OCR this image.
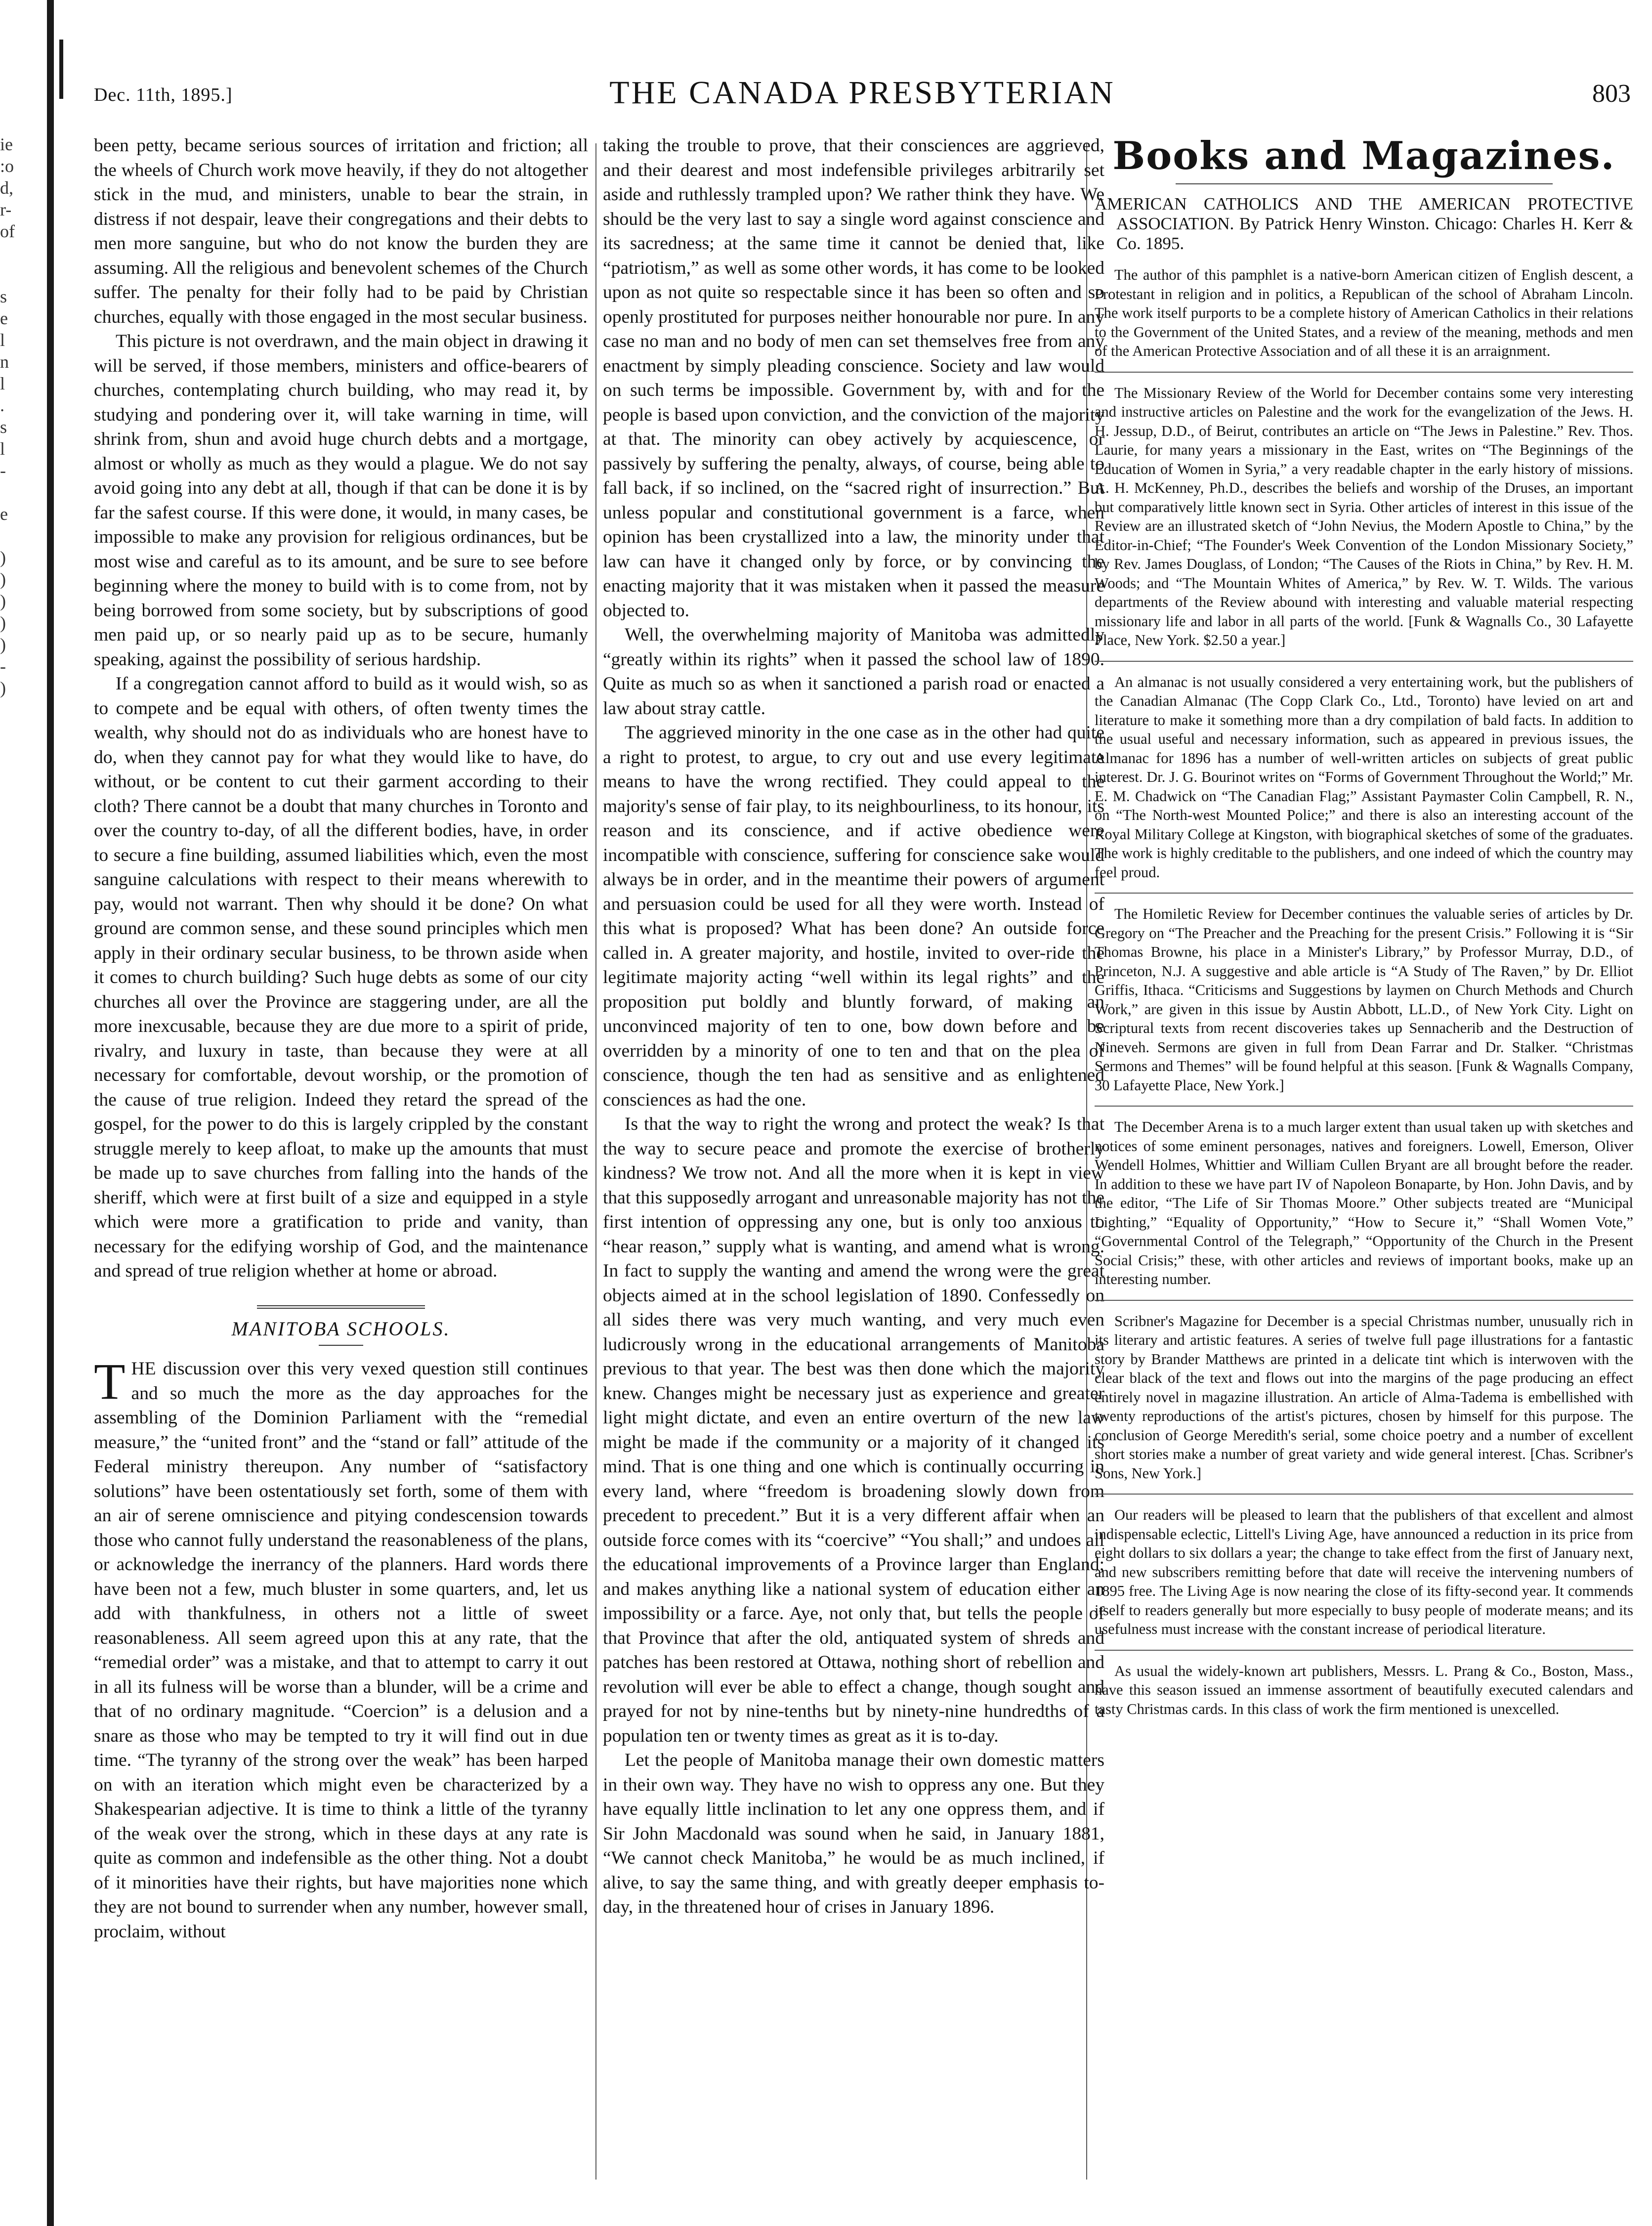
ie
:o
d,
r-
of
s
e
l
n
l
.
s
l
-
e
)
)
)
)
)
-
)
Dec. 11th, 1895.]	THE CANADA PRESBYTERIAN	803

been petty, became serious sources of irritation and friction; all the wheels of Church work move heavily, if they do not altogether stick in the mud, and ministers, unable to bear the strain, in distress if not despair, leave their congregations and their debts to men more sanguine, but who do not know the burden they are assuming. All the religious and benevolent schemes of the Church suffer. The penalty for their folly had to be paid by Christian churches, equally with those engaged in the most secular business.

This picture is not overdrawn, and the main object in drawing it will be served, if those members, ministers and office-bearers of churches, contemplating church building, who may read it, by studying and pondering over it, will take warning in time, will shrink from, shun and avoid huge church debts and a mortgage, almost or wholly as much as they would a plague. We do not say avoid going into any debt at all, though if that can be done it is by far the safest course. If this were done, it would, in many cases, be impossible to make any provision for religious ordinances, but be most wise and careful as to its amount, and be sure to see before beginning where the money to build with is to come from, not by being borrowed from some society, but by subscriptions of good men paid up, or so nearly paid up as to be secure, humanly speaking, against the possibility of serious hardship.

If a congregation cannot afford to build as it would wish, so as to compete and be equal with others, of often twenty times the wealth, why should not do as individuals who are honest have to do, when they cannot pay for what they would like to have, do without, or be content to cut their garment according to their cloth? There cannot be a doubt that many churches in Toronto and over the country to-day, of all the different bodies, have, in order to secure a fine building, assumed liabilities which, even the most sanguine calculations with respect to their means wherewith to pay, would not warrant. Then why should it be done? On what ground are common sense, and these sound principles which men apply in their ordinary secular business, to be thrown aside when it comes to church building? Such huge debts as some of our city churches all over the Province are staggering under, are all the more inexcusable, because they are due more to a spirit of pride, rivalry, and luxury in taste, than because they were at all necessary for comfortable, devout worship, or the promotion of the cause of true religion. Indeed they retard the spread of the gospel, for the power to do this is largely crippled by the constant struggle merely to keep afloat, to make up the amounts that must be made up to save churches from falling into the hands of the sheriff, which were at first built of a size and equipped in a style which were more a gratification to pride and vanity, than necessary for the edifying worship of God, and the maintenance and spread of true religion whether at home or abroad.

MANITOBA SCHOOLS.

THE discussion over this very vexed question still continues and so much the more as the day approaches for the assembling of the Dominion Parliament with the “remedial measure,” the “united front” and the “stand or fall” attitude of the Federal ministry thereupon. Any number of “satisfactory solutions” have been ostentatiously set forth, some of them with an air of serene omniscience and pitying condescension towards those who cannot fully understand the reasonableness of the plans, or acknowledge the inerrancy of the planners. Hard words there have been not a few, much bluster in some quarters, and, let us add with thankfulness, in others not a little of sweet reasonableness. All seem agreed upon this at any rate, that the “remedial order” was a mistake, and that to attempt to carry it out in all its fulness will be worse than a blunder, will be a crime and that of no ordinary magnitude. “Coercion” is a delusion and a snare as those who may be tempted to try it will find out in due time. “The tyranny of the strong over the weak” has been harped on with an iteration which might even be characterized by a Shakespearian adjective. It is time to think a little of the tyranny of the weak over the strong, which in these days at any rate is quite as common and indefensible as the other thing. Not a doubt of it minorities have their rights, but have majorities none which they are not bound to surrender when any number, however small, proclaim, without

taking the trouble to prove, that their consciences are aggrieved, and their dearest and most indefensible privileges arbitrarily set aside and ruthlessly trampled upon? We rather think they have. We should be the very last to say a single word against conscience and its sacredness; at the same time it cannot be denied that, like “patriotism,” as well as some other words, it has come to be looked upon as not quite so respectable since it has been so often and so openly prostituted for purposes neither honourable nor pure. In any case no man and no body of men can set themselves free from any enactment by simply pleading conscience. Society and law would on such terms be impossible. Government by, with and for the people is based upon conviction, and the conviction of the majority at that. The minority can obey actively by acquiescence, or passively by suffering the penalty, always, of course, being able to fall back, if so inclined, on the “sacred right of insurrection.” But unless popular and constitutional government is a farce, when opinion has been crystallized into a law, the minority under that law can have it changed only by force, or by convincing the enacting majority that it was mistaken when it passed the measure objected to.

Well, the overwhelming majority of Manitoba was admittedly “greatly within its rights” when it passed the school law of 1890. Quite as much so as when it sanctioned a parish road or enacted a law about stray cattle.

The aggrieved minority in the one case as in the other had quite a right to protest, to argue, to cry out and use every legitimate means to have the wrong rectified. They could appeal to the majority's sense of fair play, to its neighbourliness, to its honour, its reason and its conscience, and if active obedience were incompatible with conscience, suffering for conscience sake would always be in order, and in the meantime their powers of argument and persuasion could be used for all they were worth. Instead of this what is proposed? What has been done? An outside force called in. A greater majority, and hostile, invited to over-ride the legitimate majority acting “well within its legal rights” and the proposition put boldly and bluntly forward, of making an unconvinced majority of ten to one, bow down before and be overridden by a minority of one to ten and that on the plea of conscience, though the ten had as sensitive and as enlightened consciences as had the one.

Is that the way to right the wrong and protect the weak? Is that the way to secure peace and promote the exercise of brotherly kindness? We trow not. And all the more when it is kept in view that this supposedly arrogant and unreasonable majority has not the first intention of oppressing any one, but is only too anxious to “hear reason,” supply what is wanting, and amend what is wrong. In fact to supply the wanting and amend the wrong were the great objects aimed at in the school legislation of 1890. Confessedly on all sides there was very much wanting, and very much even ludicrously wrong in the educational arrangements of Manitoba previous to that year. The best was then done which the majority knew. Changes might be necessary just as experience and greater light might dictate, and even an entire overturn of the new law might be made if the community or a majority of it changed its mind. That is one thing and one which is continually occurring in every land, where “freedom is broadening slowly down from precedent to precedent.” But it is a very different affair when an outside force comes with its “coercive” “You shall;” and undoes all the educational improvements of a Province larger than England; and makes anything like a national system of education either an impossibility or a farce. Aye, not only that, but tells the people of that Province that after the old, antiquated system of shreds and patches has been restored at Ottawa, nothing short of rebellion and revolution will ever be able to effect a change, though sought and prayed for not by nine-tenths but by ninety-nine hundredths of a population ten or twenty times as great as it is to-day.

Let the people of Manitoba manage their own domestic matters in their own way. They have no wish to oppress any one. But they have equally little inclination to let any one oppress them, and if Sir John Macdonald was sound when he said, in January 1881, “We cannot check Manitoba,” he would be as much inclined, if alive, to say the same thing, and with greatly deeper emphasis to-day, in the threatened hour of crises in January 1896.

Books and Magazines.
AMERICAN CATHOLICS AND THE AMERICAN PROTECTIVE ASSOCIATION. By Patrick Henry Winston. Chicago: Charles H. Kerr & Co. 1895.

The author of this pamphlet is a native-born American citizen of English descent, a Protestant in religion and in politics, a Republican of the school of Abraham Lincoln. The work itself purports to be a complete history of American Catholics in their relations to the Government of the United States, and a review of the meaning, methods and men of the American Protective Association and of all these it is an arraignment.

The Missionary Review of the World for December contains some very interesting and instructive articles on Palestine and the work for the evangelization of the Jews. H. H. Jessup, D.D., of Beirut, contributes an article on “The Jews in Palestine.” Rev. Thos. Laurie, for many years a missionary in the East, writes on “The Beginnings of the Education of Women in Syria,” a very readable chapter in the early history of missions. A. H. McKenney, Ph.D., describes the beliefs and worship of the Druses, an important but comparatively little known sect in Syria. Other articles of interest in this issue of the Review are an illustrated sketch of “John Nevius, the Modern Apostle to China,” by the Editor-in-Chief; “The Founder's Week Convention of the London Missionary Society,” by Rev. James Douglass, of London; “The Causes of the Riots in China,” by Rev. H. M. Woods; and “The Mountain Whites of America,” by Rev. W. T. Wilds. The various departments of the Review abound with interesting and valuable material respecting missionary life and labor in all parts of the world. [Funk & Wagnalls Co., 30 Lafayette Place, New York. $2.50 a year.]

An almanac is not usually considered a very entertaining work, but the publishers of the Canadian Almanac (The Copp Clark Co., Ltd., Toronto) have levied on art and literature to make it something more than a dry compilation of bald facts. In addition to the usual useful and necessary information, such as appeared in previous issues, the Almanac for 1896 has a number of well-written articles on subjects of great public interest. Dr. J. G. Bourinot writes on “Forms of Government Throughout the World;” Mr. E. M. Chadwick on “The Canadian Flag;” Assistant Paymaster Colin Campbell, R. N., on “The North-west Mounted Police;” and there is also an interesting account of the Royal Military College at Kingston, with biographical sketches of some of the graduates. The work is highly creditable to the publishers, and one indeed of which the country may feel proud.

The Homiletic Review for December continues the valuable series of articles by Dr. Gregory on “The Preacher and the Preaching for the present Crisis.” Following it is “Sir Thomas Browne, his place in a Minister's Library,” by Professor Murray, D.D., of Princeton, N.J. A suggestive and able article is “A Study of The Raven,” by Dr. Elliot Griffis, Ithaca. “Criticisms and Suggestions by laymen on Church Methods and Church Work,” are given in this issue by Austin Abbott, LL.D., of New York City. Light on Scriptural texts from recent discoveries takes up Sennacherib and the Destruction of Nineveh. Sermons are given in full from Dean Farrar and Dr. Stalker. “Christmas Sermons and Themes” will be found helpful at this season. [Funk & Wagnalls Company, 30 Lafayette Place, New York.]

The December Arena is to a much larger extent than usual taken up with sketches and notices of some eminent personages, natives and foreigners. Lowell, Emerson, Oliver Wendell Holmes, Whittier and William Cullen Bryant are all brought before the reader. In addition to these we have part IV of Napoleon Bonaparte, by Hon. John Davis, and by the editor, “The Life of Sir Thomas Moore.” Other subjects treated are “Municipal Lighting,” “Equality of Opportunity,” “How to Secure it,” “Shall Women Vote,” “Governmental Control of the Telegraph,” “Opportunity of the Church in the Present Social Crisis;” these, with other articles and reviews of important books, make up an interesting number.

Scribner's Magazine for December is a special Christmas number, unusually rich in its literary and artistic features. A series of twelve full page illustrations for a fantastic story by Brander Matthews are printed in a delicate tint which is interwoven with the clear black of the text and flows out into the margins of the page producing an effect entirely novel in magazine illustration. An article of Alma-Tadema is embellished with twenty reproductions of the artist's pictures, chosen by himself for this purpose. The conclusion of George Meredith's serial, some choice poetry and a number of excellent short stories make a number of great variety and wide general interest. [Chas. Scribner's Sons, New York.]

Our readers will be pleased to learn that the publishers of that excellent and almost indispensable eclectic, Littell's Living Age, have announced a reduction in its price from eight dollars to six dollars a year; the change to take effect from the first of January next, and new subscribers remitting before that date will receive the intervening numbers of 1895 free. The Living Age is now nearing the close of its fifty-second year. It commends itself to readers generally but more especially to busy people of moderate means; and its usefulness must increase with the constant increase of periodical literature.

As usual the widely-known art publishers, Messrs. L. Prang & Co., Boston, Mass., have this season issued an immense assortment of beautifully executed calendars and tasty Christmas cards. In this class of work the firm mentioned is unexcelled.
